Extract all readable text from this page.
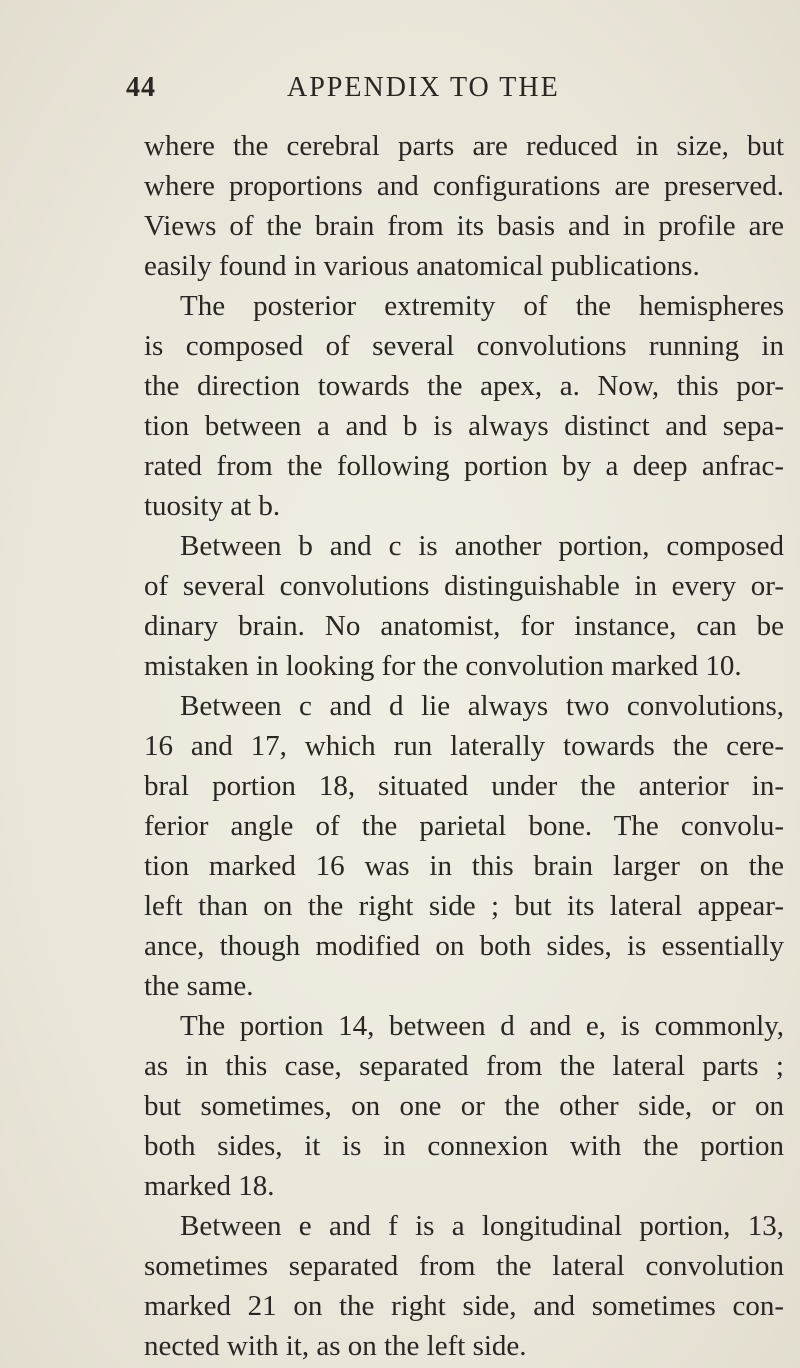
44	APPENDIX TO THE
where the cerebral parts are reduced in size, but
where proportions and configurations are preserved.
Views of the brain from its basis and in profile are
easily found in various anatomical publications.
The posterior extremity of the hemispheres
is composed of several convolutions running in
the direction towards the apex, a. Now, this por-
tion between a and b is always distinct and sepa-
rated from the following portion by a deep anfrac-
tuosity at b.
Between b and c is another portion, composed
of several convolutions distinguishable in every or-
dinary brain. No anatomist, for instance, can be
mistaken in looking for the convolution marked 10.
Between c and d lie always two convolutions,
16 and 17, which run laterally towards the cere-
bral portion 18, situated under the anterior in-
ferior angle of the parietal bone. The convolu-
tion marked 16 was in this brain larger on the
left than on the right side ; but its lateral appear-
ance, though modified on both sides, is essentially
the same.
The portion 14, between d and e, is commonly,
as in this case, separated from the lateral parts ;
but sometimes, on one or the other side, or on
both sides, it is in connexion with the portion
marked 18.
Between e and f is a longitudinal portion, 13,
sometimes separated from the lateral convolution
marked 21 on the right side, and sometimes con-
nected with it, as on the left side.
